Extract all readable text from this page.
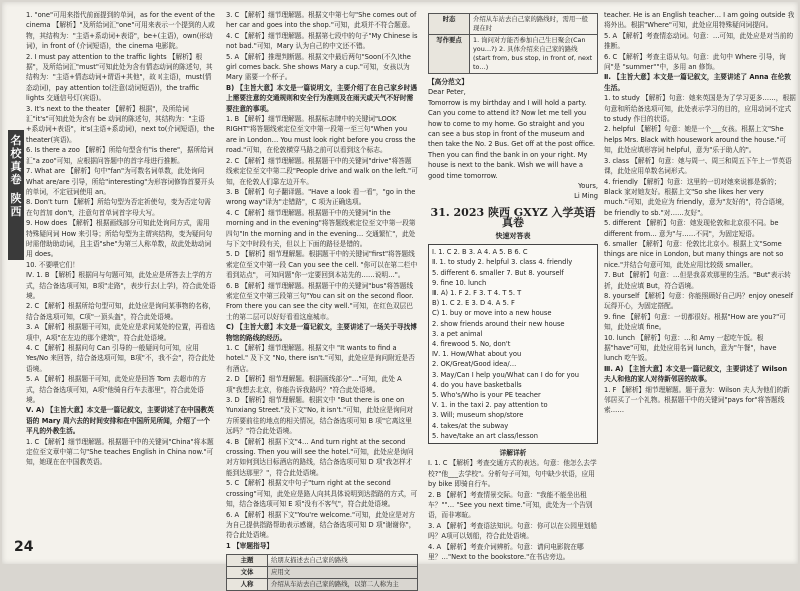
名校真卷
陕西

1. "one"可用来指代前面提到的单词，as for the event of the cinema 【解析】"及所给词汇"one"可用来表示一个提到的人或物，其结构为："主语+系动词+表语"，be+(主语)，own(形动词)，in front of (介词短语)，the cinema 电影院。

2. I must pay attention to the traffic lights 【解析】根据"，及所给词汇"must"可知此处为含有情态动词的陈述句，其结构为："主语+情态动词+谓语+其他"，故 I(主语)，must(情态动词)，pay attention to(注意(动词短语))，the traffic lights 交通信号灯(宾语)。

3. It's next to the theater 【解析】根据"，及所给词汇"it's"可知此处为含有 be 动词的陈述句，其结构为："主语+系动词+表语"，it's(主语+系动词)，next to(介词短语)，the theater(宾语)。

6. Is there a zoo 【解析】所给句型含有"is there"，据所给词汇"a zoo"可知，应根据问答题中的首字母进行推断。

7. What are 【解析】句中"fan"为可数名词单数，此处询问What are/are 引导，所给"interesting"为形容词修饰首要开头的单词，不定冠词使用 an。

8. Don't turn 【解析】所给句型为否定祈使句，变为否定句需在句首加 don't，注意句首单词首字母大写。

9. How does 【解析】根据画线部分可知此处询问方式，需用特殊疑问词 How 来引导；所给句型为主谓宾结构，变为疑问句时需借助助动词，且主语"she"为第三人称单数，故此处助动词用 does。

10. 不要喂它们！

Ⅳ. 1. B 【解析】根据问与句题可知，此处应是所答去上学的方式，结合备选项可知，B项"走路"，表步行去(上学)，符合此处语境。

2. C 【解析】根据所给句型可知，此处应是询问某事物的名称，结合备选项可知，C项"一顶头盔"，符合此处语境。

3. A 【解析】根据题干可知，此处应是求问某处的位置，再看选项中，A项"在左边的那个建筑"，符合此处语境。

4. C 【解析】根据问句 Can 引导的一般疑问句可知，应用 Yes/No 来回答，结合备选项可知，B项"不，我不会"，符合此处语境。

5. A 【解析】根据题干可知，此处应是回答 Tom 去超市的方式，结合备选项可知，A项"他骑自行车去那里"，符合此处语境。

Ⅴ. A) 【主旨大意】本文是一篇记叙文，主要讲述了在中国教英语的 Mary 周六去的时间安排和在中国所见所闻，介绍了一个平凡的外教生活。

1. C 【解析】细节理解题。根据题干中的关键词"China"将本题定位至文章中第二句"She teaches English in China now."可知，她现在在中国教英语。

3. C 【解析】细节理解题。根据文中第七句"She comes out of her car and goes into the shop."可知，此项并不符合题意。

4. C 【解析】细节理解题。根据第七段中的句子"My Chinese is not bad."可知，Mary 认为自己的中文还不错。

5. A 【解析】推理判断题。根据文中最后两句"Soon(不久)the girl comes back. She shows Mary a cup."可知，女孩以为 Mary 需要一个杯子。

B) 【主旨大意】本文是一篇说明文，主要介绍了在自己家乡时遇上需要注意的交通规则和安全行为准则及在雨天或天气不好时需要注意的事项。

1. B 【解析】细节理解题。根据标志牌中的关键词"LOOK RIGHT"将答题线索定位至文中第一段第一至三句"When you are in London… You must look right before you cross the road."可知，在伦敦横穿马路之前可以看到这个标志。

2. C 【解析】细节理解题。根据题干中的关键词"drive"将答题线索定位至文中第二段"People drive and walk on the left."可知，在伦敦人们靠左边开车。

3. B 【解析】句子翻译题。"Have a look 看一看"，"go in the wrong way"译为"走错路"，C 项为正确选项。

4. C 【解析】细节理解题。根据题干中的关键词"in the morning and in the evening"将答题线索定位至文中第一段第四句"In the morning and in the evening… 交通繁忙"，此处与下文中时段有关，但以上下面的路径是错的。

5. D 【解析】细节理解题。根据题干中的关键词"first"将答题线索定位至文中第一段 Can you see the cell. "你可以在第二栏中看到站点"， 可知问题"你一定要回到本站先的……说明…"。

6. B 【解析】细节理解题。根据题干中的关键词"bus"将答题线索定位至文中第三段第三句"You can sit on the second floor. From there you can see the city well."可知，在红色双层巴士的第二层可以好好看看这座城市。

C) 【主旨大意】本文是一篇记叙文，主要讲述了一场关于寻找博物馆的路线的经历。

1. C 【解析】细节理解题。根据文中 "It wants to find a hotel." 及下文 "No, there isn't."可知，此处应是询问附近是否有酒店。

2. D 【解析】细节理解题。根据画线部分"…"可知，此处 A 项"我想去北京，你能告诉我路吗？"符合此处语境。

3. D 【解析】细节理解题。根据文中 "But there is one on Yunxiang Street."及下文"No, it isn't."可知，此处应是询问对方所要前往的地点的相关情况，结合备选项可知 B 项"它离这里远吗？"符合此处语境。

4. B 【解析】根据下文"4… And turn right at the second crossing. Then you will see the hotel."可知，此处应是询问对方如何到达目标酒店的路线，结合备选项可知 D 项"我怎样才能到达那里？"，符合此处语境。

5. C 【解析】根据文中句子"turn right at the second crossing"可知，此处应是路人向其具体说明到达指路的方式，可知，结合备选项可知 E 项"没有不客气"，符合此处语境。

6. A 【解析】根据下文"You're welcome."可知，此处应是对方为自己提供指路帮助表示感谢，结合备选项可知 D 项"谢谢你"，符合此处语境。

1 【审题指导】

主题	给朋友描述去自己家的路线
文体	应用文
人称	介绍从车站去自己家的路线，以第二人称为主
时态	介绍从车站去自己家的路线时，需用一般现在时
写作要点	1. 询问对方能否参加自己生日聚会(Can you…?) 2. 具体介绍来自己家的路线(start from, bus stop, in front of, next to…)

【高分范文】

Dear Peter,

Tomorrow is my birthday and I will hold a party. Can you come to attend it? Now let me tell you how to come to my home. Go straight and you can see a bus stop in front of the museum and then take the No. 2 Bus. Get off at the post office. Then you can find the bank in on your right. My house is next to the bank. Wish we will have a good time tomorrow.

Yours,

Li Ming

31. 2023 陕西 GXYZ 入学英语真卷
快速对答表
Ⅰ. 1. C 2. B 3. A 4. A 5. B 6. C
Ⅱ. 1. to study 2. helpful 3. class 4. friendly
5. different 6. smaller 7. But 8. yourself
9. fine 10. lunch
Ⅲ. A) 1. F 2. F 3. T 4. T 5. T
B) 1. C 2. E 3. D 4. A 5. F
C) 1. buy or move into a new house
2. show friends around their new house
3. a pet animal
4. firewood 5. No, don't
Ⅳ. 1. How/What about you
2. OK/Great/Good idea/…
3. May/Can I help you/What can I do for you
4. do you have basketballs
5. Who's/Who is your PE teacher
Ⅴ. 1. in the taxi 2. pay attention to
3. Will; museum shop/store
4. takes/at the subway
5. have/take an art class/lesson

详解详析

Ⅰ. 1. C 【解析】考查交通方式的表达。句意：他怎么去学校?"他___去学校"。分析句子可知，句中缺少状语，应用 by bike 即骑自行车。

2. B 【解析】考查情景交际。句意："我能不能坐出租车？""… "See you next time."可知，此处为一个告别语，而非寒暄。

3. A 【解析】考查语法知识。句意：你可以在公园里划船吗？A项可以划船，符合此处语境。

4. A 【解析】考查介词辨析。句意：请问电影院在哪里？…"Next to the bookstore."在书店旁边。

teacher. He is an English teacher… I am going outside 我将外出。根据"Where"可知，此处应用特殊疑问词提问。

5. A 【解析】考查情态动词。句意：…可知，此处应是对当前的推断。

6. C 【解析】考查主语从句。句意：此句中 Where 引导，询问"是 "summer""中，多用 an 修饰。

Ⅱ. 【主旨大意】本文是一篇记叙文，主要讲述了 Anna 在伦敦生活。

1. to study 【解析】句意：她来英国是为了学习更多……，根据句意和所给备选项可知，此处表示学习的目的，应用动词不定式 to study 作目的状语。

2. helpful 【解析】句意：她是一个___女孩。根据上文"She helps Mrs. Black with housework around the house."可知，此处应填形容词 helpful，意为"乐于助人的"。

3. class 【解析】句意：她与周一、周三和周五下午上一节英语课，此处应用单数名词形式。

4. friendly 【解析】句意：这里的一切对她来说都是新的；Black 家对她友好。根据上文"So she likes her very much."可知，此处应为 friendly，意为"友好的"，符合语境，be friendly to sb."对……友好"。

5. different 【解析】句意：她发现伦敦和北京很不同。be different from… 意为"与……不同"，为固定短语。

6. smaller 【解析】句意：伦敦比北京小。根据上文"Some things are nice in London, but many things are not so nice."并结合句意可知，此处应用比较级 smaller。

7. But 【解析】句意：…但是我喜欢那里的生活。"But"表示转折，此处应填 But，符合语境。

8. yourself 【解析】句意：你能照顾好自己吗？enjoy oneself 玩得开心，为固定搭配。

9. fine 【解析】句意：一切都很好。根据"How are you?"可知，此处应填 fine。

10. lunch 【解析】句意：…和 Amy 一起吃午饭。根据"have"可知，此处应用名词 lunch，意为"午餐"，have lunch 吃午饭。

Ⅲ. A) 【主旨大意】本文是一篇记叙文，主要讲述了 Wilson 夫人和他的家人对待新邻居的故事。

1. F 【解析】细节理解题。题干意为：Wilson 夫人为他们的新邻居买了一个礼物。根据题干中的关键词"pays for"将答题线索……

24
